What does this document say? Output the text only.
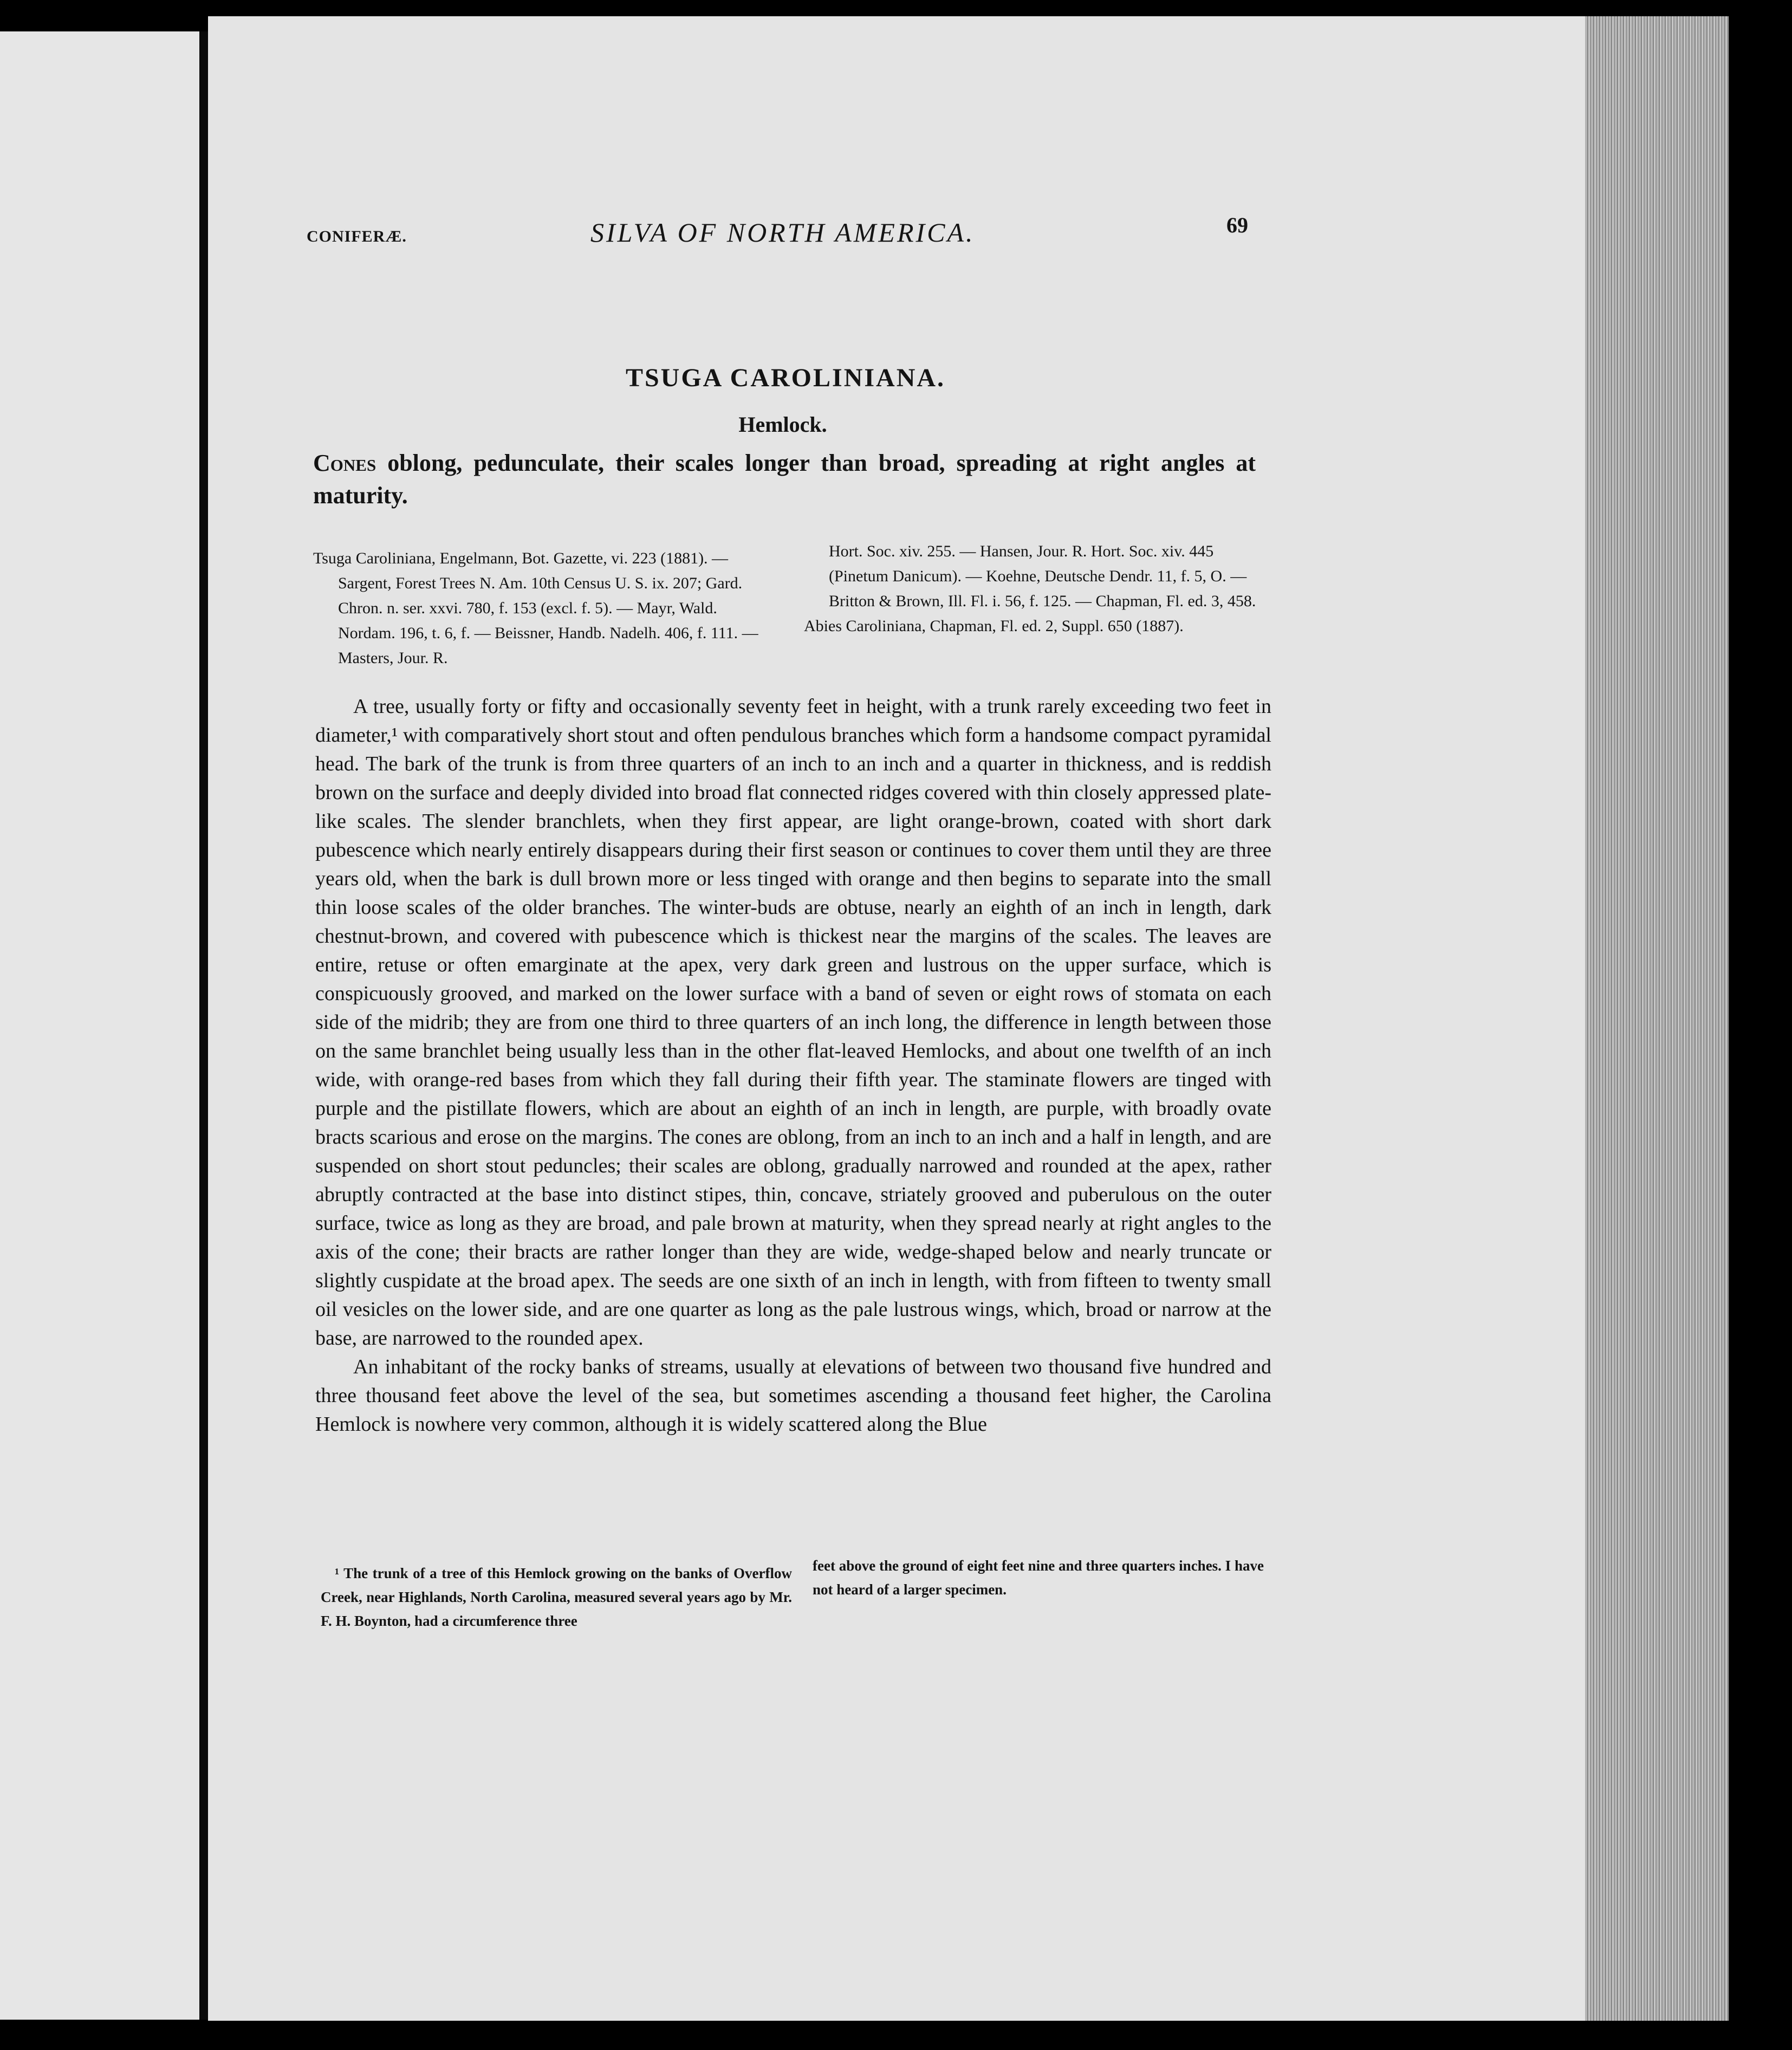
CONIFERÆ.	SILVA OF NORTH AMERICA.	69
TSUGA CAROLINIANA.
Hemlock.
Cones oblong, pedunculate, their scales longer than broad, spreading at right angles at maturity.

Tsuga Caroliniana, Engelmann, Bot. Gazette, vi. 223 (1881). — Sargent, Forest Trees N. Am. 10th Census U. S. ix. 207; Gard. Chron. n. ser. xxvi. 780, f. 153 (excl. f. 5). — Mayr, Wald. Nordam. 196, t. 6, f. — Beissner, Handb. Nadelh. 406, f. 111. — Masters, Jour. R.

Hort. Soc. xiv. 255. — Hansen, Jour. R. Hort. Soc. xiv. 445 (Pinetum Danicum). — Koehne, Deutsche Dendr. 11, f. 5, O. — Britton & Brown, Ill. Fl. i. 56, f. 125. — Chapman, Fl. ed. 3, 458.

Abies Caroliniana, Chapman, Fl. ed. 2, Suppl. 650 (1887).

A tree, usually forty or fifty and occasionally seventy feet in height, with a trunk rarely exceeding two feet in diameter,¹ with comparatively short stout and often pendulous branches which form a handsome compact pyramidal head. The bark of the trunk is from three quarters of an inch to an inch and a quarter in thickness, and is reddish brown on the surface and deeply divided into broad flat connected ridges covered with thin closely appressed plate-like scales. The slender branchlets, when they first appear, are light orange-brown, coated with short dark pubescence which nearly entirely disappears during their first season or continues to cover them until they are three years old, when the bark is dull brown more or less tinged with orange and then begins to separate into the small thin loose scales of the older branches. The winter-buds are obtuse, nearly an eighth of an inch in length, dark chestnut-brown, and covered with pubescence which is thickest near the margins of the scales. The leaves are entire, retuse or often emarginate at the apex, very dark green and lustrous on the upper surface, which is conspicuously grooved, and marked on the lower surface with a band of seven or eight rows of stomata on each side of the midrib; they are from one third to three quarters of an inch long, the difference in length between those on the same branchlet being usually less than in the other flat-leaved Hemlocks, and about one twelfth of an inch wide, with orange-red bases from which they fall during their fifth year. The staminate flowers are tinged with purple and the pistillate flowers, which are about an eighth of an inch in length, are purple, with broadly ovate bracts scarious and erose on the margins. The cones are oblong, from an inch to an inch and a half in length, and are suspended on short stout peduncles; their scales are oblong, gradually narrowed and rounded at the apex, rather abruptly contracted at the base into distinct stipes, thin, concave, striately grooved and puberulous on the outer surface, twice as long as they are broad, and pale brown at maturity, when they spread nearly at right angles to the axis of the cone; their bracts are rather longer than they are wide, wedge-shaped below and nearly truncate or slightly cuspidate at the broad apex. The seeds are one sixth of an inch in length, with from fifteen to twenty small oil vesicles on the lower side, and are one quarter as long as the pale lustrous wings, which, broad or narrow at the base, are narrowed to the rounded apex.

An inhabitant of the rocky banks of streams, usually at elevations of between two thousand five hundred and three thousand feet above the level of the sea, but sometimes ascending a thousand feet higher, the Carolina Hemlock is nowhere very common, although it is widely scattered along the Blue

¹ The trunk of a tree of this Hemlock growing on the banks of Overflow Creek, near Highlands, North Carolina, measured several years ago by Mr. F. H. Boynton, had a circumference three

feet above the ground of eight feet nine and three quarters inches. I have not heard of a larger specimen.
